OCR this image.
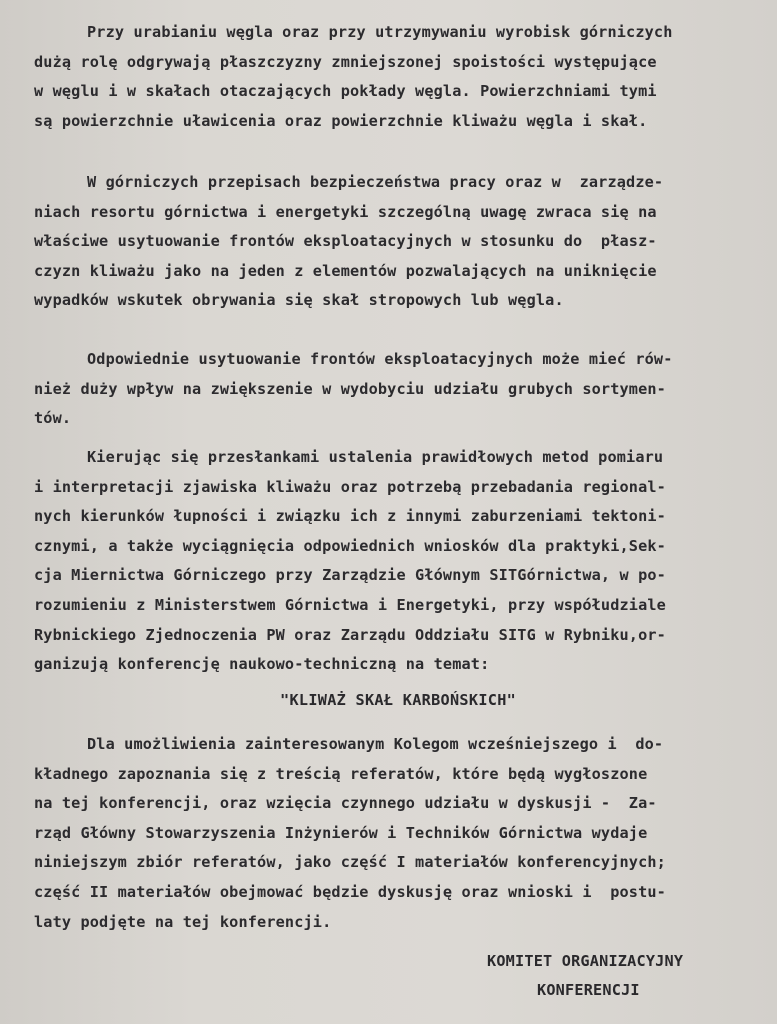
Przy urabianiu węgla oraz przy utrzymywaniu wyrobisk górniczych
dużą rolę odgrywają płaszczyzny zmniejszonej spoistości występujące
w węglu i w skałach otaczających pokłady węgla. Powierzchniami tymi
są powierzchnie uławicenia oraz powierzchnie kliważu węgla i skał.
W górniczych przepisach bezpieczeństwa pracy oraz w  zarządze-
niach resortu górnictwa i energetyki szczególną uwagę zwraca się na
właściwe usytuowanie frontów eksploatacyjnych w stosunku do  płasz-
czyzn kliważu jako na jeden z elementów pozwalających na uniknięcie
wypadków wskutek obrywania się skał stropowych lub węgla.
Odpowiednie usytuowanie frontów eksploatacyjnych może mieć rów-
nież duży wpływ na zwiększenie w wydobyciu udziału grubych sortymen-
tów.
Kierując się przesłankami ustalenia prawidłowych metod pomiaru
i interpretacji zjawiska kliważu oraz potrzebą przebadania regional-
nych kierunków łupności i związku ich z innymi zaburzeniami tektoni-
cznymi, a także wyciągnięcia odpowiednich wniosków dla praktyki,Sek-
cja Miernictwa Górniczego przy Zarządzie Głównym SITGórnictwa, w po-
rozumieniu z Ministerstwem Górnictwa i Energetyki, przy współudziale
Rybnickiego Zjednoczenia PW oraz Zarządu Oddziału SITG w Rybniku,or-
ganizują konferencję naukowo-techniczną na temat:
"KLIWAŻ SKAŁ KARBOŃSKICH"
Dla umożliwienia zainteresowanym Kolegom wcześniejszego i  do-
kładnego zapoznania się z treścią referatów, które będą wygłoszone
na tej konferencji, oraz wzięcia czynnego udziału w dyskusji -  Za-
rząd Główny Stowarzyszenia Inżynierów i Techników Górnictwa wydaje
niniejszym zbiór referatów, jako część I materiałów konferencyjnych;
część II materiałów obejmować będzie dyskusję oraz wnioski i  postu-
laty podjęte na tej konferencji.
KOMITET ORGANIZACYJNY
KONFERENCJI
